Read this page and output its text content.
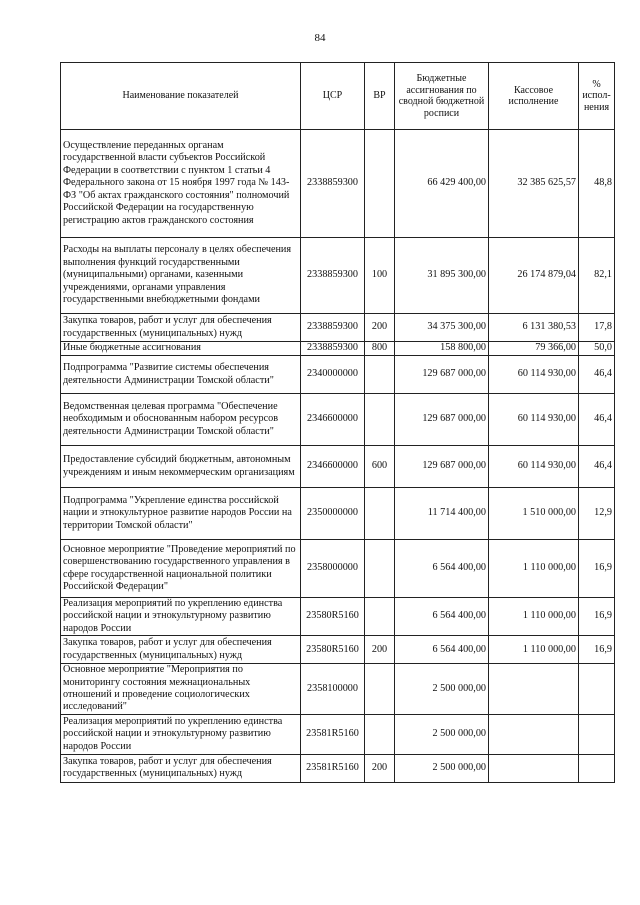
84
Наименование показателей	ЦСР	ВР	Бюджетные ассигнования по сводной бюджетной росписи	Кассовое исполнение	% испол-нения
Осуществление переданных органам государственной власти субъектов Российской Федерации в соответствии с пунктом 1 статьи 4 Федерального закона от 15 ноября 1997 года № 143-ФЗ "Об актах гражданского состояния" полномочий Российской Федерации на государственную регистрацию актов гражданского состояния	2338859300		66 429 400,00	32 385 625,57	48,8
Расходы на выплаты персоналу в целях обеспечения выполнения функций государственными (муниципальными) органами, казенными учреждениями, органами управления государственными внебюджетными фондами	2338859300	100	31 895 300,00	26 174 879,04	82,1
Закупка товаров, работ и услуг для обеспечения государственных (муниципальных) нужд	2338859300	200	34 375 300,00	6 131 380,53	17,8
Иные бюджетные ассигнования	2338859300	800	158 800,00	79 366,00	50,0
Подпрограмма "Развитие системы обеспечения деятельности Администрации Томской области"	2340000000		129 687 000,00	60 114 930,00	46,4
Ведомственная целевая программа "Обеспечение необходимым и обоснованным набором ресурсов деятельности Администрации Томской области"	2346600000		129 687 000,00	60 114 930,00	46,4
Предоставление субсидий бюджетным, автономным учреждениям и иным некоммерческим организациям	2346600000	600	129 687 000,00	60 114 930,00	46,4
Подпрограмма "Укрепление единства российской нации и этнокультурное развитие народов России на территории Томской области"	2350000000		11 714 400,00	1 510 000,00	12,9
Основное мероприятие "Проведение мероприятий по совершенствованию государственного управления в сфере государственной национальной политики Российской Федерации"	2358000000		6 564 400,00	1 110 000,00	16,9
Реализация мероприятий по укреплению единства российской нации и этнокультурному развитию народов России	23580R5160		6 564 400,00	1 110 000,00	16,9
Закупка товаров, работ и услуг для обеспечения государственных (муниципальных) нужд	23580R5160	200	6 564 400,00	1 110 000,00	16,9
Основное мероприятие "Мероприятия по мониторингу состояния межнациональных отношений и проведение социологических исследований"	2358100000		2 500 000,00		
Реализация мероприятий по укреплению единства российской нации и этнокультурному развитию народов России	23581R5160		2 500 000,00		
Закупка товаров, работ и услуг для обеспечения государственных (муниципальных) нужд	23581R5160	200	2 500 000,00		
